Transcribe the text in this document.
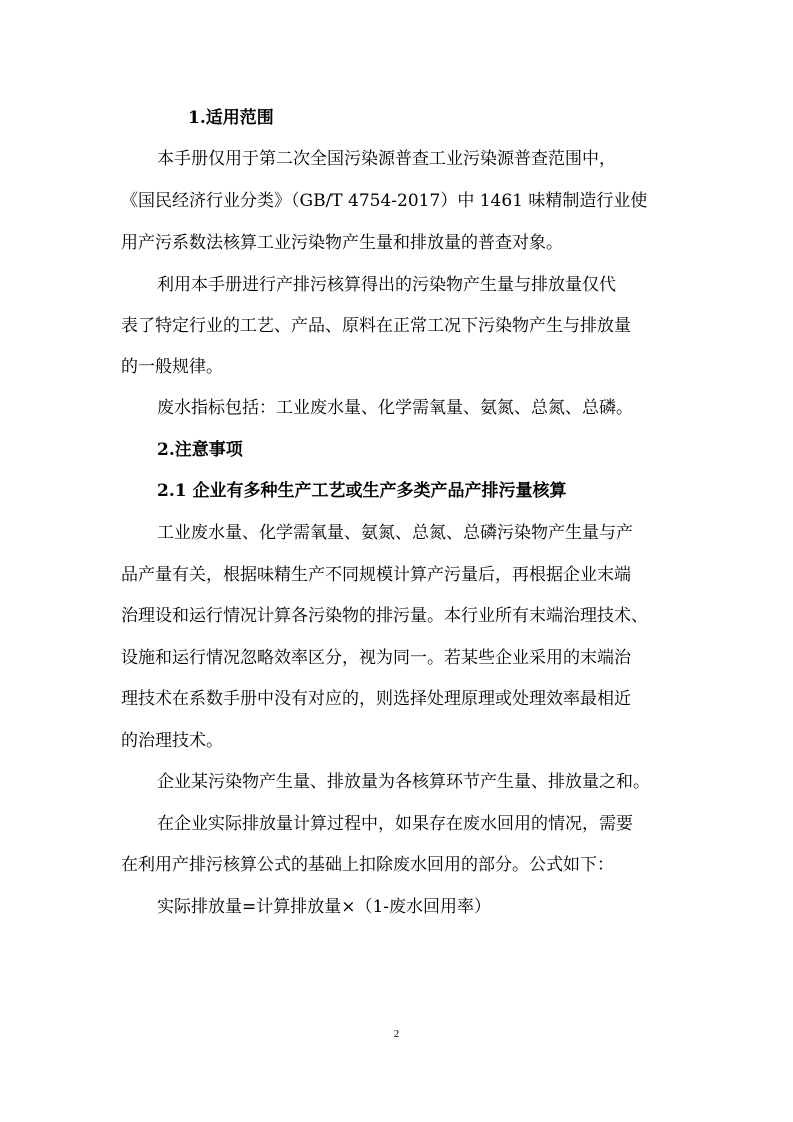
1.适用范围
本手册仅用于第二次全国污染源普查工业污染源普查范围中，
《国民经济行业分类》（GB/T 4754-2017）中 1461 味精制造行业使
用产污系数法核算工业污染物产生量和排放量的普查对象。
利用本手册进行产排污核算得出的污染物产生量与排放量仅代
表了特定行业的工艺、产品、原料在正常工况下污染物产生与排放量
的一般规律。
废水指标包括：工业废水量、化学需氧量、氨氮、总氮、总磷。
2.注意事项
2.1 企业有多种生产工艺或生产多类产品产排污量核算
工业废水量、化学需氧量、氨氮、总氮、总磷污染物产生量与产
品产量有关，根据味精生产不同规模计算产污量后，再根据企业末端
治理设和运行情况计算各污染物的排污量。本行业所有末端治理技术、
设施和运行情况忽略效率区分，视为同一。若某些企业采用的末端治
理技术在系数手册中没有对应的，则选择处理原理或处理效率最相近
的治理技术。
企业某污染物产生量、排放量为各核算环节产生量、排放量之和。
在企业实际排放量计算过程中，如果存在废水回用的情况，需要
在利用产排污核算公式的基础上扣除废水回用的部分。公式如下：
实际排放量=计算排放量×（1-废水回用率）
2
